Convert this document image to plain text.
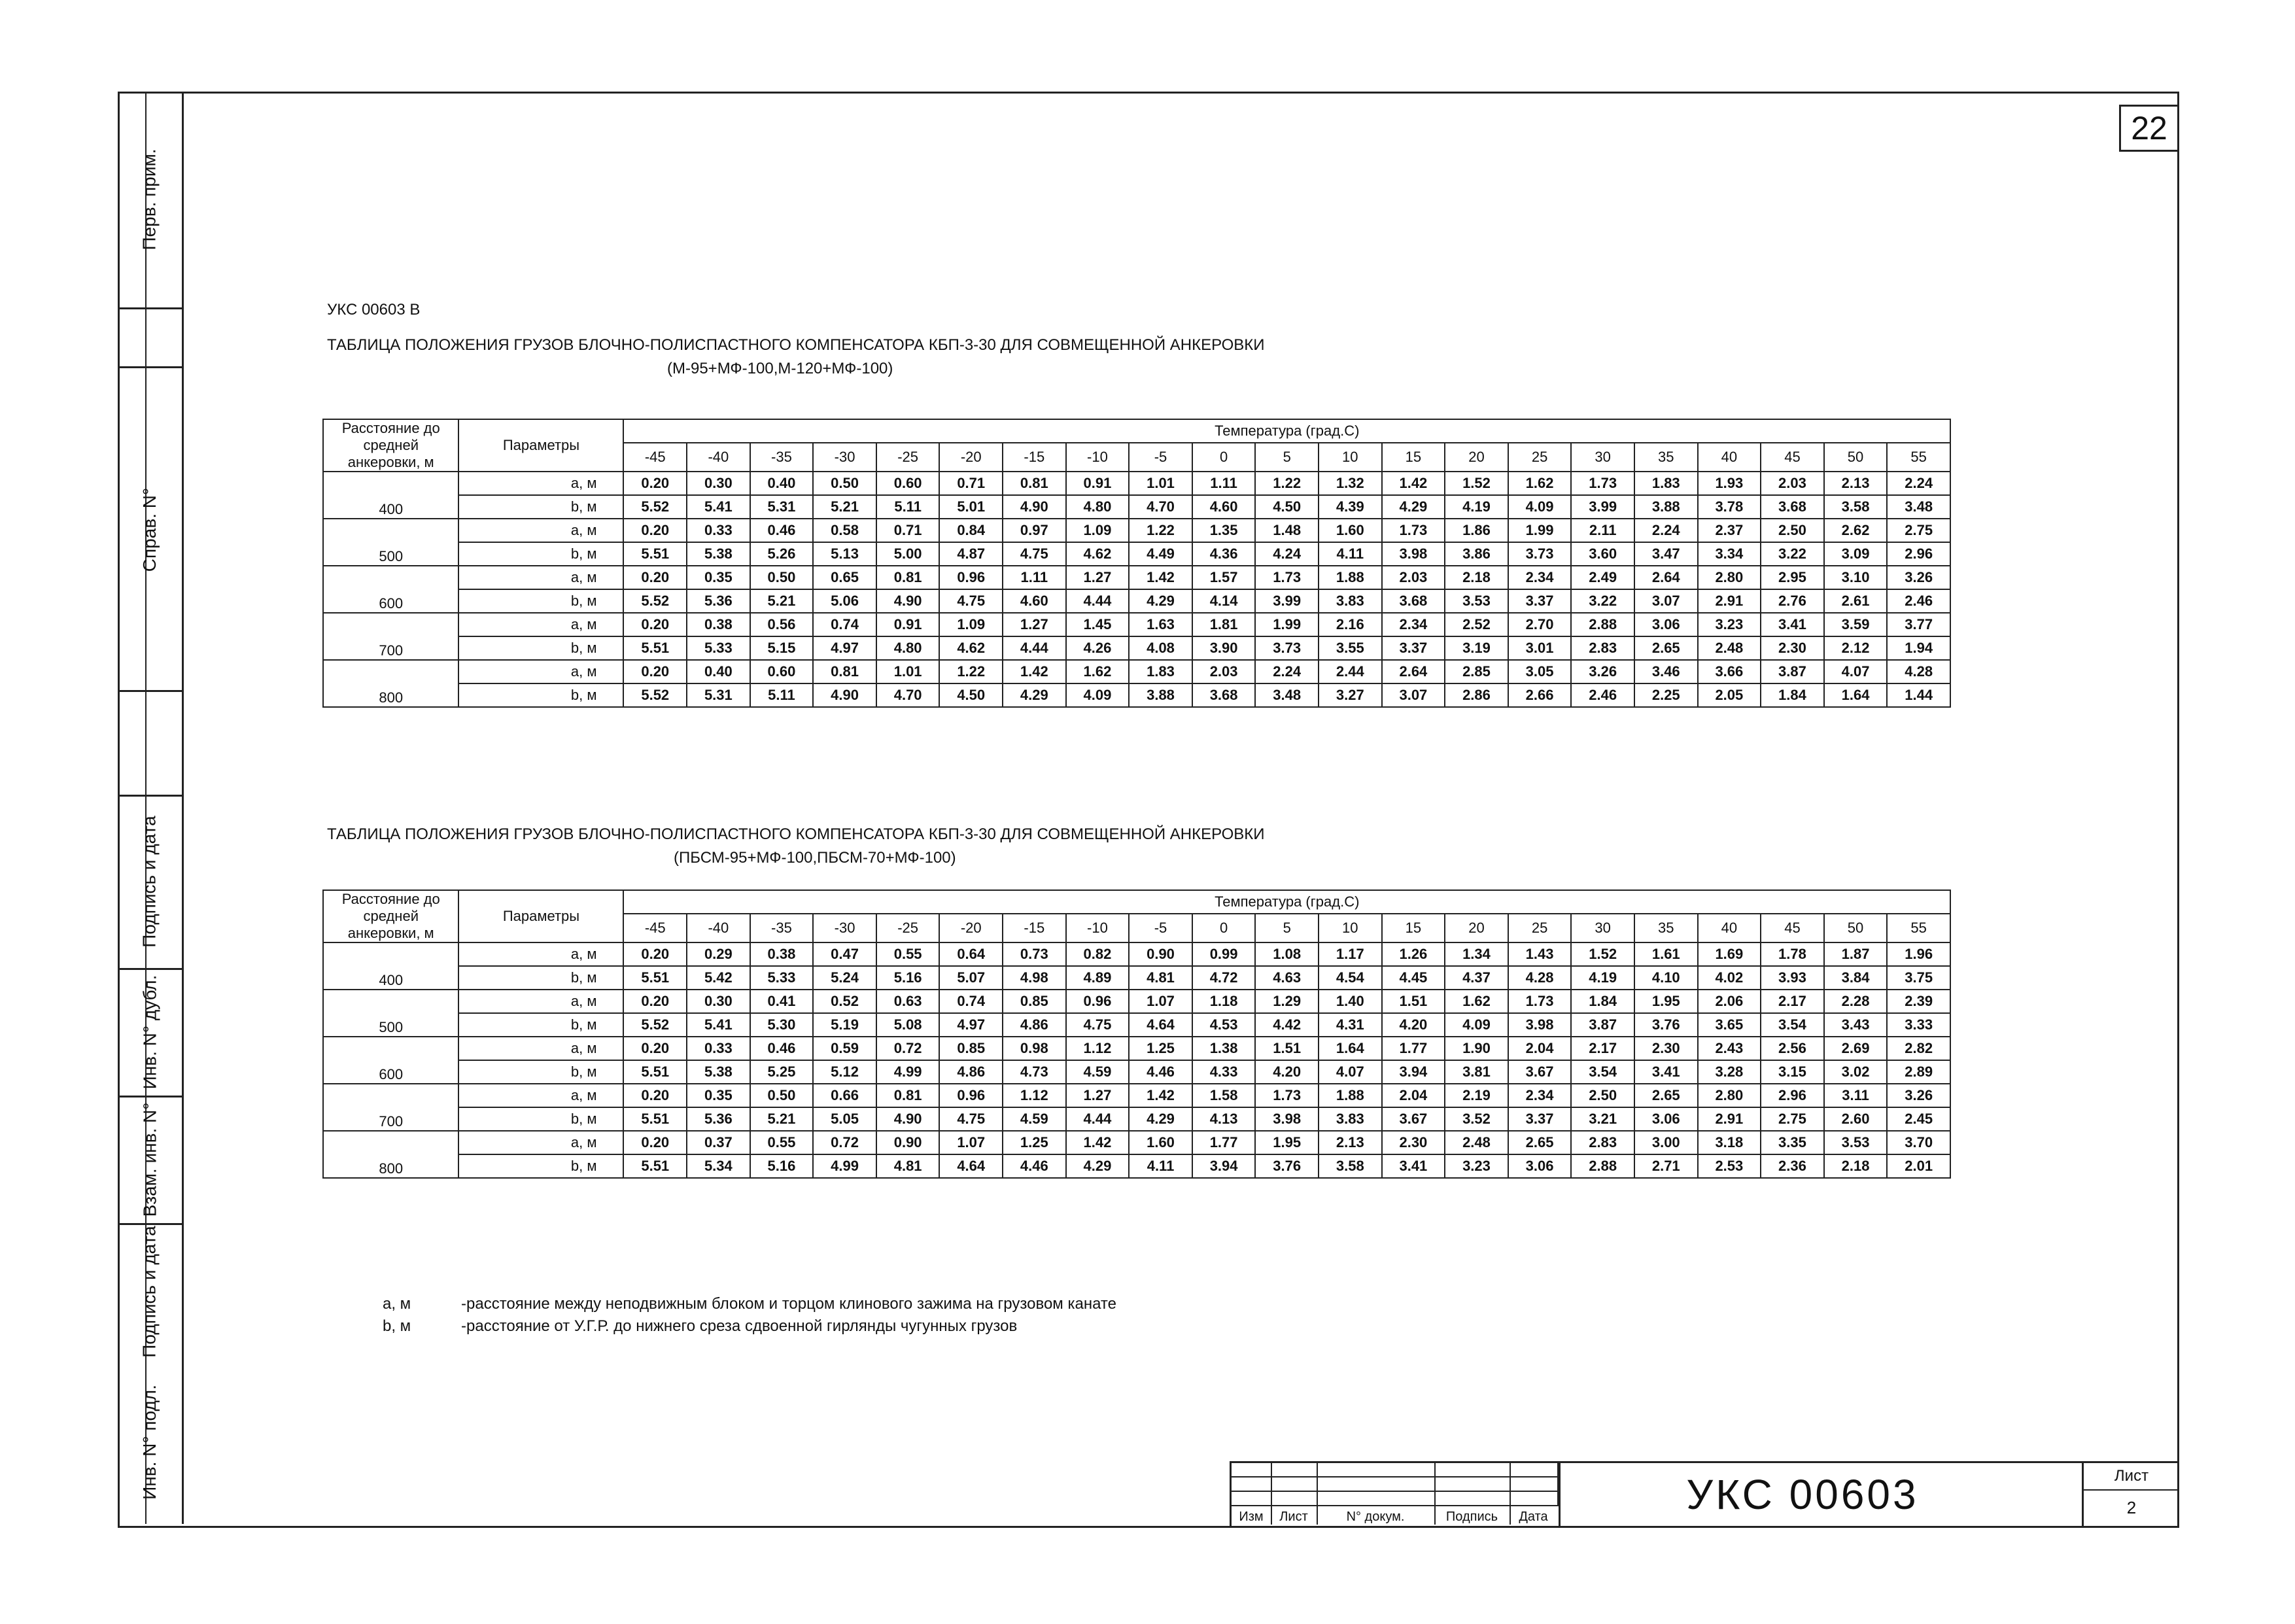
Перв. прим.
Справ. N°
Подпись и дата
Инв. N° дубл.
Взам. инв. N°
Подпись и дата
Инв. N° подл.
22
УКС 00603 В
ТАБЛИЦА ПОЛОЖЕНИЯ ГРУЗОВ БЛОЧНО-ПОЛИСПАСТНОГО КОМПЕНСАТОРА КБП-3-30 ДЛЯ СОВМЕЩЕННОЙ АНКЕРОВКИ
(М-95+МФ-100,М-120+МФ-100)
Расстояние до средней анкеровки, м	Параметры	Температура (град.С)																				
		-45	-40	-35	-30	-25	-20	-15	-10	-5	0	5	10	15	20	25	30	35	40	45	50	55
400	a, м	0.20	0.30	0.40	0.50	0.60	0.71	0.81	0.91	1.01	1.11	1.22	1.32	1.42	1.52	1.62	1.73	1.83	1.93	2.03	2.13	2.24
	b, м	5.52	5.41	5.31	5.21	5.11	5.01	4.90	4.80	4.70	4.60	4.50	4.39	4.29	4.19	4.09	3.99	3.88	3.78	3.68	3.58	3.48
500	a, м	0.20	0.33	0.46	0.58	0.71	0.84	0.97	1.09	1.22	1.35	1.48	1.60	1.73	1.86	1.99	2.11	2.24	2.37	2.50	2.62	2.75
	b, м	5.51	5.38	5.26	5.13	5.00	4.87	4.75	4.62	4.49	4.36	4.24	4.11	3.98	3.86	3.73	3.60	3.47	3.34	3.22	3.09	2.96
600	a, м	0.20	0.35	0.50	0.65	0.81	0.96	1.11	1.27	1.42	1.57	1.73	1.88	2.03	2.18	2.34	2.49	2.64	2.80	2.95	3.10	3.26
	b, м	5.52	5.36	5.21	5.06	4.90	4.75	4.60	4.44	4.29	4.14	3.99	3.83	3.68	3.53	3.37	3.22	3.07	2.91	2.76	2.61	2.46
700	a, м	0.20	0.38	0.56	0.74	0.91	1.09	1.27	1.45	1.63	1.81	1.99	2.16	2.34	2.52	2.70	2.88	3.06	3.23	3.41	3.59	3.77
	b, м	5.51	5.33	5.15	4.97	4.80	4.62	4.44	4.26	4.08	3.90	3.73	3.55	3.37	3.19	3.01	2.83	2.65	2.48	2.30	2.12	1.94
800	a, м	0.20	0.40	0.60	0.81	1.01	1.22	1.42	1.62	1.83	2.03	2.24	2.44	2.64	2.85	3.05	3.26	3.46	3.66	3.87	4.07	4.28
	b, м	5.52	5.31	5.11	4.90	4.70	4.50	4.29	4.09	3.88	3.68	3.48	3.27	3.07	2.86	2.66	2.46	2.25	2.05	1.84	1.64	1.44
ТАБЛИЦА ПОЛОЖЕНИЯ ГРУЗОВ БЛОЧНО-ПОЛИСПАСТНОГО КОМПЕНСАТОРА КБП-3-30 ДЛЯ СОВМЕЩЕННОЙ АНКЕРОВКИ
(ПБСМ-95+МФ-100,ПБСМ-70+МФ-100)
Расстояние до средней анкеровки, м	Параметры	Температура (град.С)																				
		-45	-40	-35	-30	-25	-20	-15	-10	-5	0	5	10	15	20	25	30	35	40	45	50	55
400	a, м	0.20	0.29	0.38	0.47	0.55	0.64	0.73	0.82	0.90	0.99	1.08	1.17	1.26	1.34	1.43	1.52	1.61	1.69	1.78	1.87	1.96
	b, м	5.51	5.42	5.33	5.24	5.16	5.07	4.98	4.89	4.81	4.72	4.63	4.54	4.45	4.37	4.28	4.19	4.10	4.02	3.93	3.84	3.75
500	a, м	0.20	0.30	0.41	0.52	0.63	0.74	0.85	0.96	1.07	1.18	1.29	1.40	1.51	1.62	1.73	1.84	1.95	2.06	2.17	2.28	2.39
	b, м	5.52	5.41	5.30	5.19	5.08	4.97	4.86	4.75	4.64	4.53	4.42	4.31	4.20	4.09	3.98	3.87	3.76	3.65	3.54	3.43	3.33
600	a, м	0.20	0.33	0.46	0.59	0.72	0.85	0.98	1.12	1.25	1.38	1.51	1.64	1.77	1.90	2.04	2.17	2.30	2.43	2.56	2.69	2.82
	b, м	5.51	5.38	5.25	5.12	4.99	4.86	4.73	4.59	4.46	4.33	4.20	4.07	3.94	3.81	3.67	3.54	3.41	3.28	3.15	3.02	2.89
700	a, м	0.20	0.35	0.50	0.66	0.81	0.96	1.12	1.27	1.42	1.58	1.73	1.88	2.04	2.19	2.34	2.50	2.65	2.80	2.96	3.11	3.26
	b, м	5.51	5.36	5.21	5.05	4.90	4.75	4.59	4.44	4.29	4.13	3.98	3.83	3.67	3.52	3.37	3.21	3.06	2.91	2.75	2.60	2.45
800	a, м	0.20	0.37	0.55	0.72	0.90	1.07	1.25	1.42	1.60	1.77	1.95	2.13	2.30	2.48	2.65	2.83	3.00	3.18	3.35	3.53	3.70
	b, м	5.51	5.34	5.16	4.99	4.81	4.64	4.46	4.29	4.11	3.94	3.76	3.58	3.41	3.23	3.06	2.88	2.71	2.53	2.36	2.18	2.01
a, м	-расстояние между неподвижным блоком и торцом клинового зажима на грузовом канате
b, м	-расстояние от У.Г.Р. до нижнего среза сдвоенной гирлянды чугунных грузов
Изм	Лист	N° докум.	Подпись	Дата	УКС 00603	Лист
2
